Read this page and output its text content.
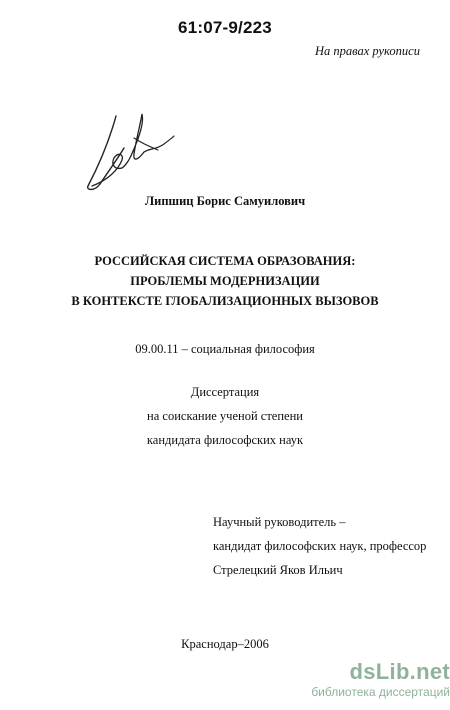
61:07-9/223
На правах рукописи
Липшиц Борис Самуилович
РОССИЙСКАЯ СИСТЕМА ОБРАЗОВАНИЯ:
ПРОБЛЕМЫ МОДЕРНИЗАЦИИ
В КОНТЕКСТЕ ГЛОБАЛИЗАЦИОННЫХ ВЫЗОВОВ
09.00.11 – социальная философия
Диссертация
на соискание ученой степени
кандидата философских наук
Научный руководитель –
кандидат философских наук, профессор
Стрелецкий Яков Ильич
Краснодар–2006
dsLib.net
библиотека диссертаций
